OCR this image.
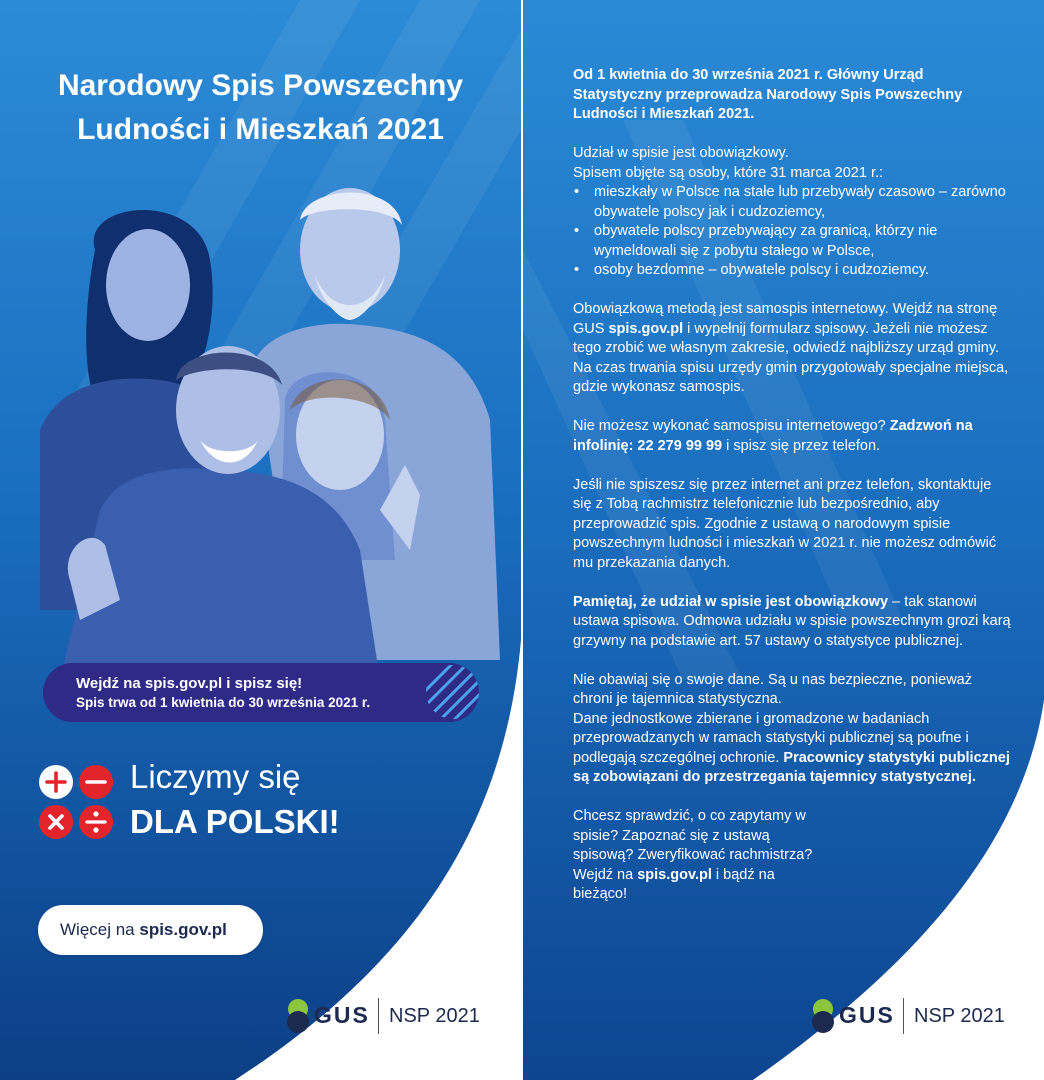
Narodowy Spis Powszechny
Ludności i Mieszkań 2021
Wejdź na spis.gov.pl i spisz się!
Spis trwa od 1 kwietnia do 30 września 2021 r.
Liczymy się
DLA POLSKI!
Więcej na spis.gov.pl
GUS NSP 2021

Od 1 kwietnia do 30 września 2021 r. Główny Urząd Statystyczny przeprowadza Narodowy Spis Powszechny Ludności i Mieszkań 2021.

Udział w spisie jest obowiązkowy.
Spisem objęte są osoby, które 31 marca 2021 r.:
• mieszkały w Polsce na stałe lub przebywały czasowo – zarówno obywatele polscy jak i cudzoziemcy,
• obywatele polscy przebywający za granicą, którzy nie wymeldowali się z pobytu stałego w Polsce,
• osoby bezdomne – obywatele polscy i cudzoziemcy.

Obowiązkową metodą jest samospis internetowy. Wejdź na stronę GUS spis.gov.pl i wypełnij formularz spisowy. Jeżeli nie możesz tego zrobić we własnym zakresie, odwiedź najbliższy urząd gminy. Na czas trwania spisu urzędy gmin przygotowały specjalne miejsca, gdzie wykonasz samospis.

Nie możesz wykonać samospisu internetowego? Zadzwoń na infolinię: 22 279 99 99 i spisz się przez telefon.

Jeśli nie spiszesz się przez internet ani przez telefon, skontaktuje się z Tobą rachmistrz telefonicznie lub bezpośrednio, aby przeprowadzić spis. Zgodnie z ustawą o narodowym spisie powszechnym ludności i mieszkań w 2021 r. nie możesz odmówić mu przekazania danych.

Pamiętaj, że udział w spisie jest obowiązkowy – tak stanowi ustawa spisowa. Odmowa udziału w spisie powszechnym grozi karą grzywny na podstawie art. 57 ustawy o statystyce publicznej.

Nie obawiaj się o swoje dane. Są u nas bezpieczne, ponieważ chroni je tajemnica statystyczna.

Dane jednostkowe zbierane i gromadzone w badaniach przeprowadzanych w ramach statystyki publicznej są poufne i podlegają szczególnej ochronie. Pracownicy statystyki publicznej są zobowiązani do przestrzegania tajemnicy statystycznej.

Chcesz sprawdzić, o co zapytamy w spisie? Zapoznać się z ustawą spisową? Zweryfikować rachmistrza? Wejdź na spis.gov.pl i bądź na bieżąco!

GUS NSP 2021
